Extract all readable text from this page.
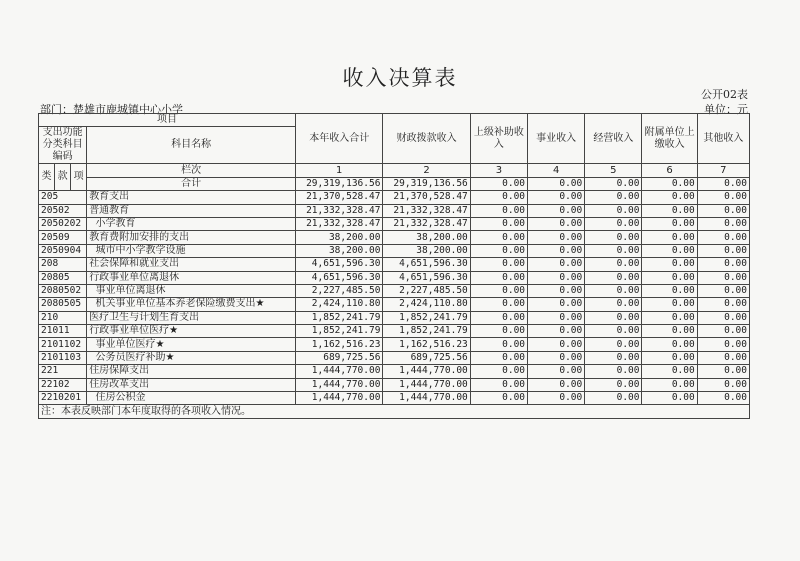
收入决算表
公开02表
部门：楚雄市鹿城镇中心小学	单位：元
项目				本年收入合计	财政拨款收入	上级补助收入	事业收入	经营收入	附属单位上缴收入	其他收入
支出功能分类科目编码			科目名称							

类	款	项	栏次	1	2	3	4	5	6	7
			合计	29,319,136.56	29,319,136.56	0.00	0.00	0.00	0.00	0.00
205			教育支出	21,370,528.47	21,370,528.47	0.00	0.00	0.00	0.00	0.00
20502			普通教育	21,332,328.47	21,332,328.47	0.00	0.00	0.00	0.00	0.00
2050202			小学教育	21,332,328.47	21,332,328.47	0.00	0.00	0.00	0.00	0.00
20509			教育费附加安排的支出	38,200.00	38,200.00	0.00	0.00	0.00	0.00	0.00
2050904			城市中小学教学设施	38,200.00	38,200.00	0.00	0.00	0.00	0.00	0.00
208			社会保障和就业支出	4,651,596.30	4,651,596.30	0.00	0.00	0.00	0.00	0.00
20805			行政事业单位离退休	4,651,596.30	4,651,596.30	0.00	0.00	0.00	0.00	0.00
2080502			事业单位离退休	2,227,485.50	2,227,485.50	0.00	0.00	0.00	0.00	0.00
2080505			机关事业单位基本养老保险缴费支出★	2,424,110.80	2,424,110.80	0.00	0.00	0.00	0.00	0.00
210			医疗卫生与计划生育支出	1,852,241.79	1,852,241.79	0.00	0.00	0.00	0.00	0.00
21011			行政事业单位医疗★	1,852,241.79	1,852,241.79	0.00	0.00	0.00	0.00	0.00
2101102			事业单位医疗★	1,162,516.23	1,162,516.23	0.00	0.00	0.00	0.00	0.00
2101103			公务员医疗补助★	689,725.56	689,725.56	0.00	0.00	0.00	0.00	0.00
221			住房保障支出	1,444,770.00	1,444,770.00	0.00	0.00	0.00	0.00	0.00
22102			住房改革支出	1,444,770.00	1,444,770.00	0.00	0.00	0.00	0.00	0.00
2210201			住房公积金	1,444,770.00	1,444,770.00	0.00	0.00	0.00	0.00	0.00
注：本表反映部门本年度取得的各项收入情况。										
